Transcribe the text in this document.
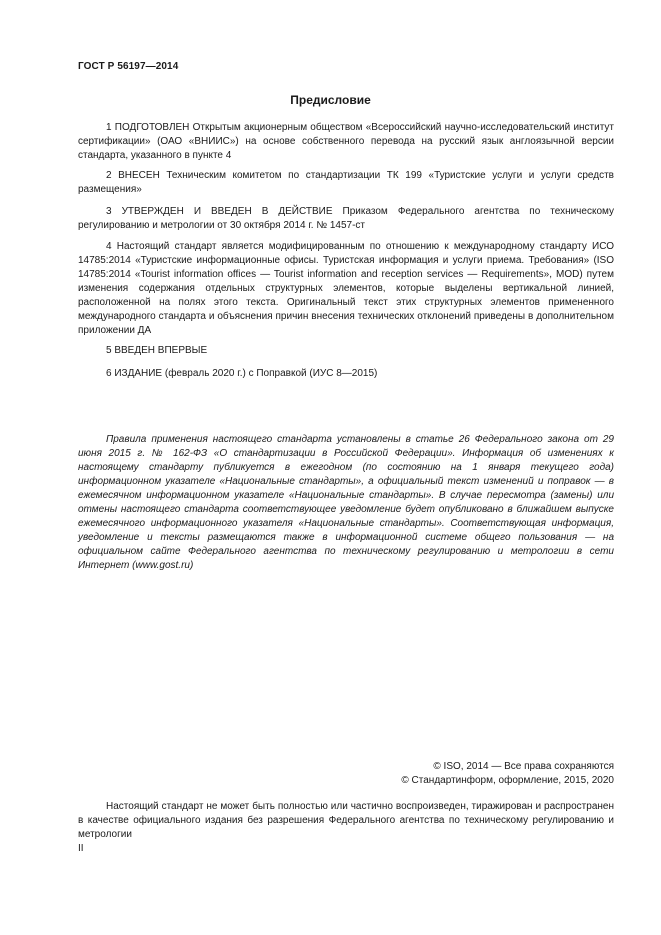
ГОСТ Р 56197—2014
Предисловие

1 ПОДГОТОВЛЕН Открытым акционерным обществом «Всероссийский научно-исследовательский институт сертификации» (ОАО «ВНИИС») на основе собственного перевода на русский язык англоязычной версии стандарта, указанного в пункте 4

2 ВНЕСЕН Техническим комитетом по стандартизации ТК 199 «Туристские услуги и услуги средств размещения»

3 УТВЕРЖДЕН И ВВЕДЕН В ДЕЙСТВИЕ Приказом Федерального агентства по техническому регулированию и метрологии от 30 октября 2014 г. № 1457-ст

4 Настоящий стандарт является модифицированным по отношению к международному стандарту ИСО 14785:2014 «Туристские информационные офисы. Туристская информация и услуги приема. Требования» (ISO 14785:2014 «Tourist information offices — Tourist information and reception services — Requirements», MOD) путем изменения содержания отдельных структурных элементов, которые выделены вертикальной линией, расположенной на полях этого текста. Оригинальный текст этих структурных элементов примененного международного стандарта и объяснения причин внесения технических отклонений приведены в дополнительном приложении ДА

5 ВВЕДЕН ВПЕРВЫЕ

6 ИЗДАНИЕ (февраль 2020 г.) с Поправкой (ИУС 8—2015)

Правила применения настоящего стандарта установлены в статье 26 Федерального закона от 29 июня 2015 г. № 162-ФЗ «О стандартизации в Российской Федерации». Информация об изменениях к настоящему стандарту публикуется в ежегодном (по состоянию на 1 января текущего года) информационном указателе «Национальные стандарты», а официальный текст изменений и поправок — в ежемесячном информационном указателе «Национальные стандарты». В случае пересмотра (замены) или отмены настоящего стандарта соответствующее уведомление будет опубликовано в ближайшем выпуске ежемесячного информационного указателя «Национальные стандарты». Соответствующая информация, уведомление и тексты размещаются также в информационной системе общего пользования — на официальном сайте Федерального агентства по техническому регулированию и метрологии в сети Интернет (www.gost.ru)

© ISO, 2014 — Все права сохраняются
© Стандартинформ, оформление, 2015, 2020

Настоящий стандарт не может быть полностью или частично воспроизведен, тиражирован и распространен в качестве официального издания без разрешения Федерального агентства по техническому регулированию и метрологии

II
